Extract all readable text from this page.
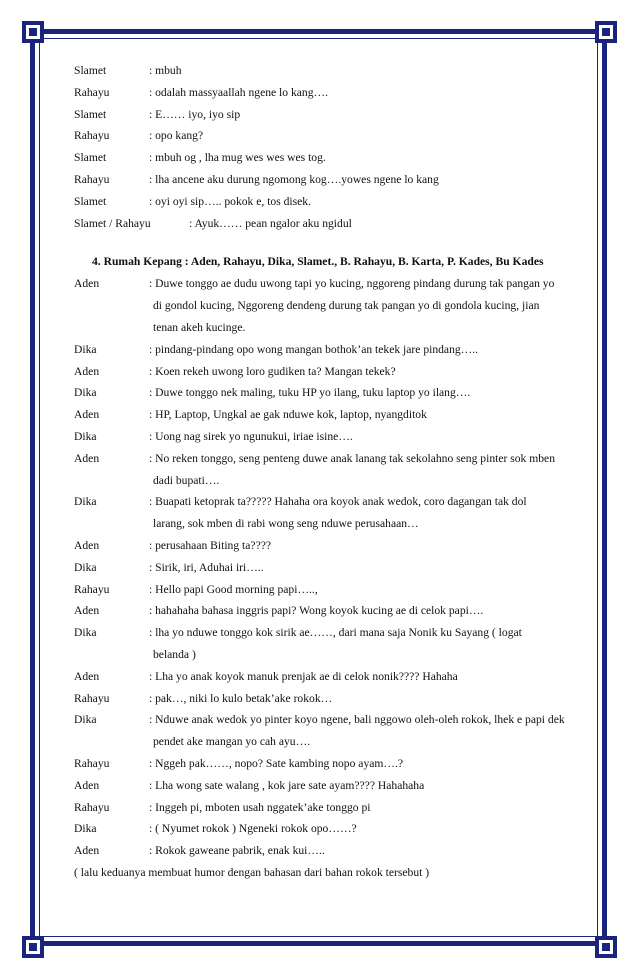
Slamet	: mbuh
Rahayu	: odalah massyaallah ngene lo kang….
Slamet	: E…… iyo, iyo sip
Rahayu	: opo kang?
Slamet	: mbuh og , lha mug wes wes wes tog.
Rahayu	: lha ancene aku durung ngomong kog….yowes ngene lo kang
Slamet	: oyi oyi sip….. pokok e, tos disek.
Slamet / Rahayu	: Ayuk…… pean ngalor aku ngidul
4. Rumah Kepang : Aden, Rahayu, Dika, Slamet., B. Rahayu, B. Karta, P. Kades, Bu Kades
Aden	: Duwe tonggo ae dudu uwong tapi yo kucing, nggoreng pindang durung tak pangan yo
di gondol kucing, Nggoreng dendeng durung tak pangan yo di gondola kucing, jian
tenan akeh kucinge.
Dika	: pindang-pindang opo wong mangan bothok’an tekek jare pindang…..
Aden	: Koen rekeh uwong loro gudiken ta? Mangan tekek?
Dika	: Duwe tonggo nek maling, tuku HP yo ilang, tuku laptop yo ilang….
Aden	: HP, Laptop, Ungkal ae gak nduwe kok, laptop, nyangditok
Dika	: Uong nag sirek yo ngunukui, iriae isine….
Aden	: No reken tonggo, seng penteng duwe anak lanang tak sekolahno seng pinter sok mben
dadi bupati….
Dika	: Buapati ketoprak ta????? Hahaha ora koyok anak wedok, coro dagangan tak dol
larang, sok mben di rabi wong seng nduwe perusahaan…
Aden	: perusahaan Biting ta????
Dika	: Sirik, iri, Aduhai iri…..
Rahayu	: Hello papi Good morning papi…..,
Aden	: hahahaha bahasa inggris papi? Wong koyok kucing ae di celok papi….
Dika	: lha yo nduwe tonggo kok sirik ae……, dari mana saja Nonik ku Sayang ( logat
belanda )
Aden	: Lha yo anak koyok manuk prenjak ae di celok nonik???? Hahaha
Rahayu	: pak…, niki lo kulo betak’ake rokok…
Dika	: Nduwe anak wedok yo pinter koyo ngene, bali nggowo oleh-oleh rokok, lhek e papi dek
pendet ake mangan yo cah ayu….
Rahayu	: Nggeh pak……, nopo? Sate kambing nopo ayam….?
Aden	: Lha wong sate walang , kok jare sate ayam???? Hahahaha
Rahayu	: Inggeh pi, mboten usah nggatek’ake tonggo pi
Dika	: ( Nyumet rokok ) Ngeneki rokok opo……?
Aden	: Rokok gaweane pabrik, enak kui…..
( lalu keduanya membuat humor dengan bahasan dari bahan rokok tersebut )
